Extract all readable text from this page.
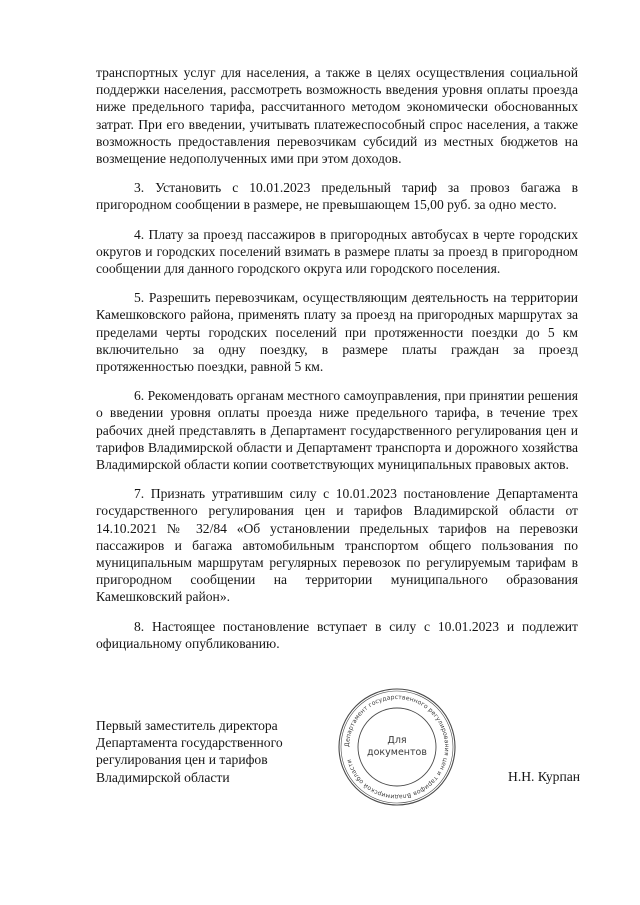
транспортных услуг для населения, а также в целях осуществления социальной поддержки населения, рассмотреть возможность введения уровня оплаты проезда ниже предельного тарифа, рассчитанного методом экономически обоснованных затрат. При его введении, учитывать платежеспособный спрос населения, а также возможность предоставления перевозчикам субсидий из местных бюджетов на возмещение недополученных ими при этом доходов.

3. Установить с 10.01.2023 предельный тариф за провоз багажа в пригородном сообщении в размере, не превышающем 15,00 руб. за одно место.

4. Плату за проезд пассажиров в пригородных автобусах в черте городских округов и городских поселений взимать в размере платы за проезд в пригородном сообщении для данного городского округа или городского поселения.

5. Разрешить перевозчикам, осуществляющим деятельность на территории Камешковского района, применять плату за проезд на пригородных маршрутах за пределами черты городских поселений при протяженности поездки до 5 км включительно за одну поездку, в размере платы граждан за проезд протяженностью поездки, равной 5 км.

6. Рекомендовать органам местного самоуправления, при принятии решения о введении уровня оплаты проезда ниже предельного тарифа, в течение трех рабочих дней представлять в Департамент государственного регулирования цен и тарифов Владимирской области и Департамент транспорта и дорожного хозяйства Владимирской области копии соответствующих муниципальных правовых актов.

7. Признать утратившим силу с 10.01.2023 постановление Департамента государственного регулирования цен и тарифов Владимирской области от 14.10.2021 № 32/84 «Об установлении предельных тарифов на перевозки пассажиров и багажа автомобильным транспортом общего пользования по муниципальным маршрутам регулярных перевозок по регулируемым тарифам в пригородном сообщении на территории муниципального образования Камешковский район».

8. Настоящее постановление вступает в силу с 10.01.2023 и подлежит официальному опубликованию.

Первый заместитель директора
Департамента государственного
регулирования цен и тарифов
Владимирской области
Департамент государственного регулирования цен и тарифов Владимирской области
Для
документов
Н.Н. Курпан
